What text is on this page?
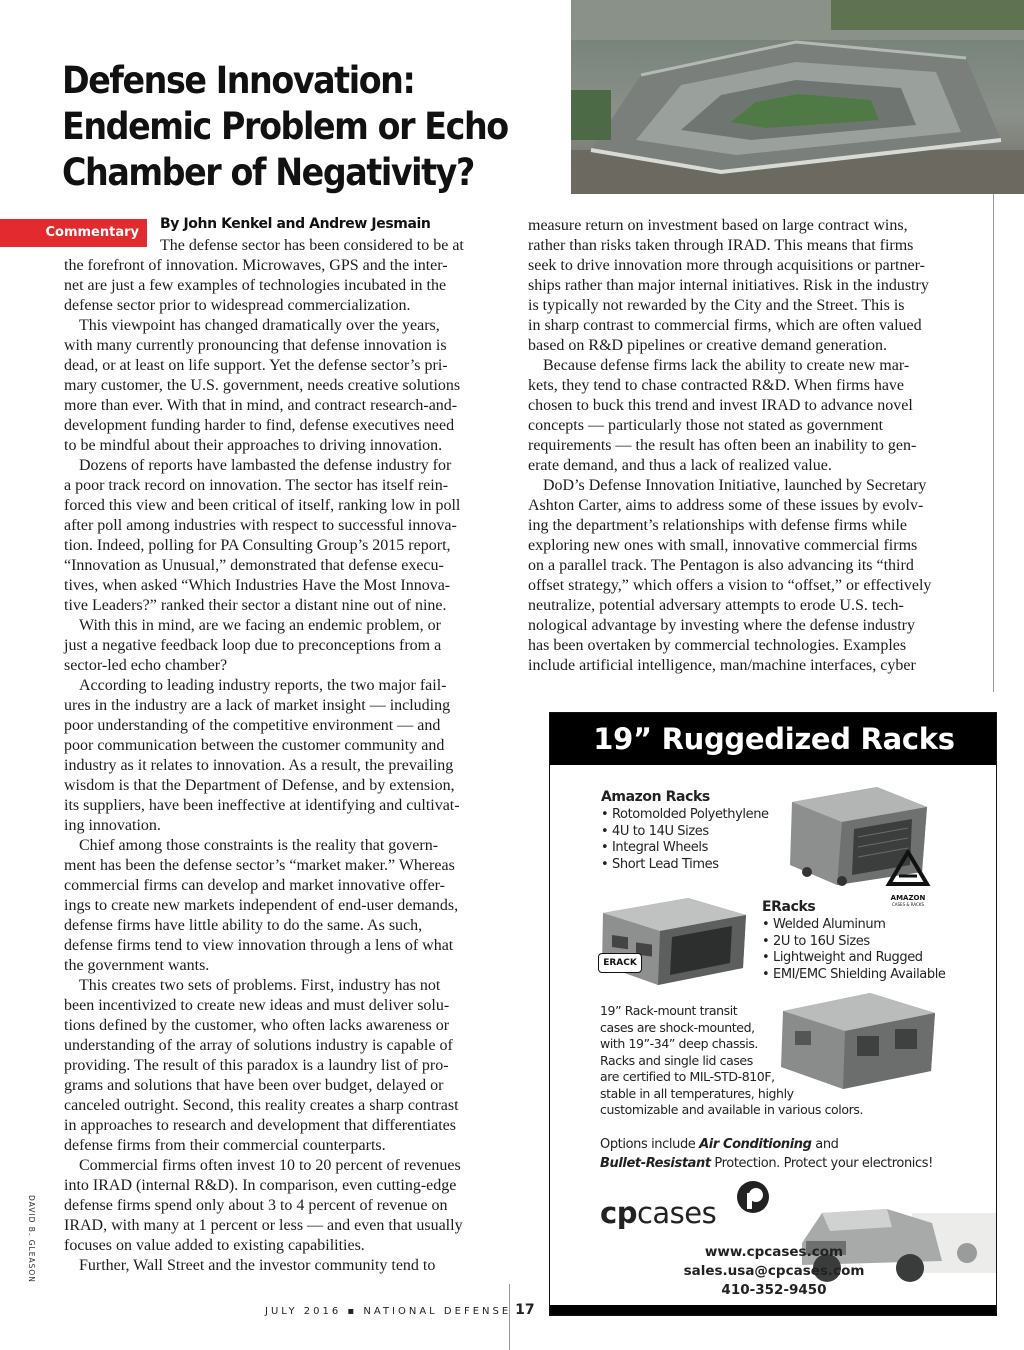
Defense Innovation:
Endemic Problem or Echo
Chamber of Negativity?
Commentary
By John Kenkel and Andrew Jesmain

The defense sector has been considered to be at

the forefront of innovation. Microwaves, GPS and the inter-

net are just a few examples of technologies incubated in the

defense sector prior to widespread commercialization.

This viewpoint has changed dramatically over the years,

with many currently pronouncing that defense innovation is

dead, or at least on life support. Yet the defense sector’s pri-

mary customer, the U.S. government, needs creative solutions

more than ever. With that in mind, and contract research-and-

development funding harder to find, defense executives need

to be mindful about their approaches to driving innovation.

Dozens of reports have lambasted the defense industry for

a poor track record on innovation. The sector has itself rein-

forced this view and been critical of itself, ranking low in poll

after poll among industries with respect to successful innova-

tion. Indeed, polling for PA Consulting Group’s 2015 report,

“Innovation as Unusual,” demonstrated that defense execu-

tives, when asked “Which Industries Have the Most Innova-

tive Leaders?” ranked their sector a distant nine out of nine.

With this in mind, are we facing an endemic problem, or

just a negative feedback loop due to preconceptions from a

sector-led echo chamber?

According to leading industry reports, the two major fail-

ures in the industry are a lack of market insight — including

poor understanding of the competitive environment — and

poor communication between the customer community and

industry as it relates to innovation. As a result, the prevailing

wisdom is that the Department of Defense, and by extension,

its suppliers, have been ineffective at identifying and cultivat-

ing innovation.

Chief among those constraints is the reality that govern-

ment has been the defense sector’s “market maker.” Whereas

commercial firms can develop and market innovative offer-

ings to create new markets independent of end-user demands,

defense firms have little ability to do the same. As such,

defense firms tend to view innovation through a lens of what

the government wants.

This creates two sets of problems. First, industry has not

been incentivized to create new ideas and must deliver solu-

tions defined by the customer, who often lacks awareness or

understanding of the array of solutions industry is capable of

providing. The result of this paradox is a laundry list of pro-

grams and solutions that have been over budget, delayed or

canceled outright. Second, this reality creates a sharp contrast

in approaches to research and development that differentiates

defense firms from their commercial counterparts.

Commercial firms often invest 10 to 20 percent of revenues

into IRAD (internal R&D). In comparison, even cutting-edge

defense firms spend only about 3 to 4 percent of revenue on

IRAD, with many at 1 percent or less — and even that usually

focuses on value added to existing capabilities.

Further, Wall Street and the investor community tend to

measure return on investment based on large contract wins,

rather than risks taken through IRAD. This means that firms

seek to drive innovation more through acquisitions or partner-

ships rather than major internal initiatives. Risk in the industry

is typically not rewarded by the City and the Street. This is

in sharp contrast to commercial firms, which are often valued

based on R&D pipelines or creative demand generation.

Because defense firms lack the ability to create new mar-

kets, they tend to chase contracted R&D. When firms have

chosen to buck this trend and invest IRAD to advance novel

concepts — particularly those not stated as government

requirements — the result has often been an inability to gen-

erate demand, and thus a lack of realized value.

DoD’s Defense Innovation Initiative, launched by Secretary

Ashton Carter, aims to address some of these issues by evolv-

ing the department’s relationships with defense firms while

exploring new ones with small, innovative commercial firms

on a parallel track. The Pentagon is also advancing its “third

offset strategy,” which offers a vision to “offset,” or effectively

neutralize, potential adversary attempts to erode U.S. tech-

nological advantage by investing where the defense industry

has been overtaken by commercial technologies. Examples

include artificial intelligence, man/machine interfaces, cyber

DAVID B. GLEASON
JULY 2016 ▪ NATIONAL DEFENSE 17
19” Ruggedized Racks
Amazon Racks
• Rotomolded Polyethylene
• 4U to 14U Sizes
• Integral Wheels
• Short Lead Times
AMAZON
CASES & RACKS
ERACK
ERacks
• Welded Aluminum
• 2U to 16U Sizes
• Lightweight and Rugged
• EMI/EMC Shielding Available
19” Rack-mount transit
cases are shock-mounted,
with 19”-34” deep chassis.
Racks and single lid cases
are certified to MIL-STD-810F,
stable in all temperatures, highly
customizable and available in various colors.
Options include Air Conditioning and
Bullet-Resistant Protection. Protect your electronics!
cpcases
www.cpcases.com
sales.usa@cpcases.com
410-352-9450
